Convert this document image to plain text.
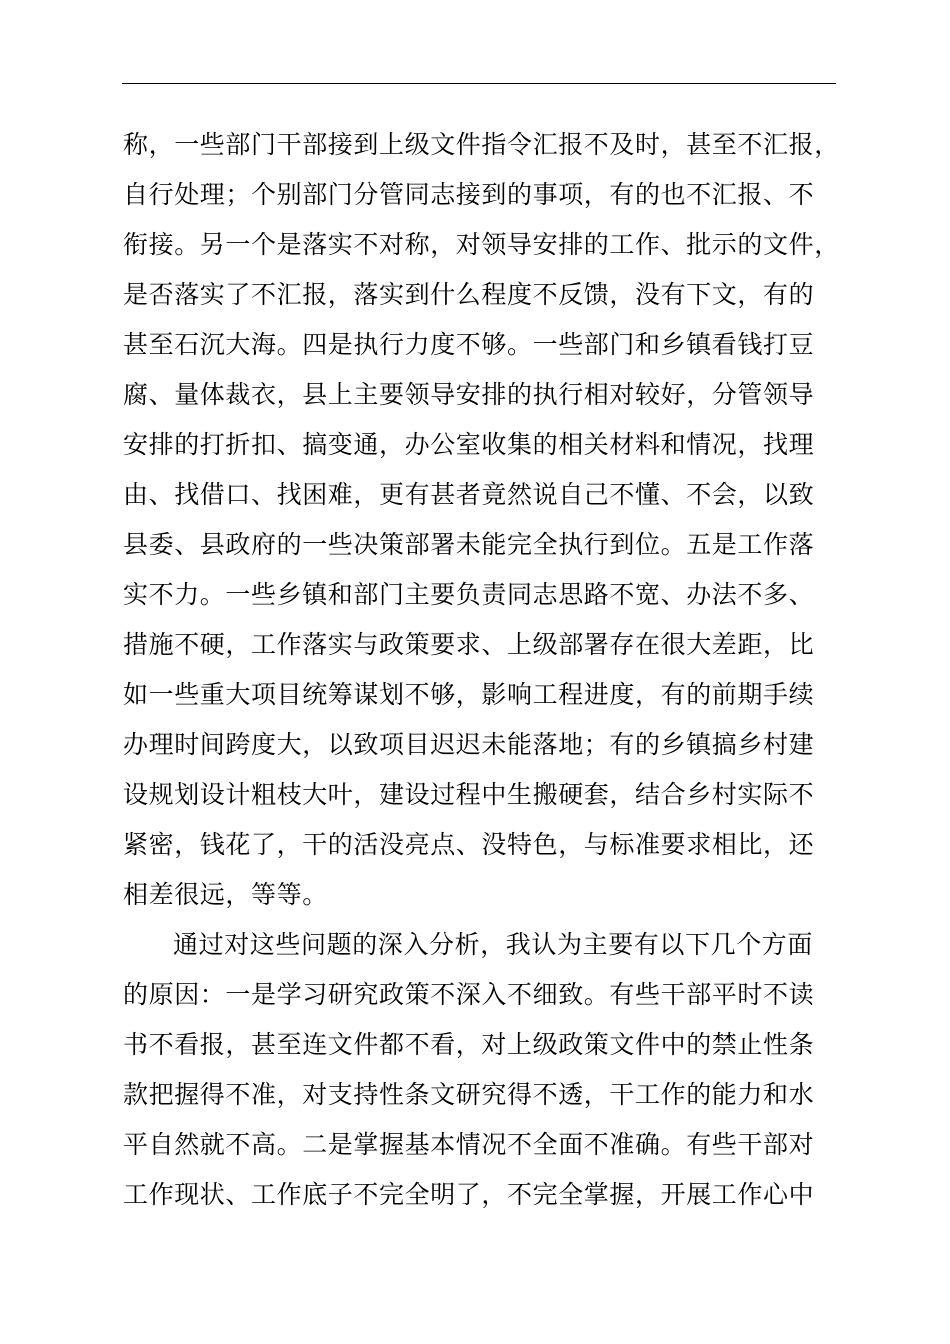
称，一些部门干部接到上级文件指令汇报不及时，甚至不汇报，
自行处理；个别部门分管同志接到的事项，有的也不汇报、不
衔接。另一个是落实不对称，对领导安排的工作、批示的文件，
是否落实了不汇报，落实到什么程度不反馈，没有下文，有的
甚至石沉大海。四是执行力度不够。一些部门和乡镇看钱打豆
腐、量体裁衣，县上主要领导安排的执行相对较好，分管领导
安排的打折扣、搞变通，办公室收集的相关材料和情况，找理
由、找借口、找困难，更有甚者竟然说自己不懂、不会，以致
县委、县政府的一些决策部署未能完全执行到位。五是工作落
实不力。一些乡镇和部门主要负责同志思路不宽、办法不多、
措施不硬，工作落实与政策要求、上级部署存在很大差距，比
如一些重大项目统筹谋划不够，影响工程进度，有的前期手续
办理时间跨度大，以致项目迟迟未能落地；有的乡镇搞乡村建
设规划设计粗枝大叶，建设过程中生搬硬套，结合乡村实际不
紧密，钱花了，干的活没亮点、没特色，与标准要求相比，还
相差很远，等等。
通过对这些问题的深入分析，我认为主要有以下几个方面
的原因：一是学习研究政策不深入不细致。有些干部平时不读
书不看报，甚至连文件都不看，对上级政策文件中的禁止性条
款把握得不准，对支持性条文研究得不透，干工作的能力和水
平自然就不高。二是掌握基本情况不全面不准确。有些干部对
工作现状、工作底子不完全明了，不完全掌握，开展工作心中
